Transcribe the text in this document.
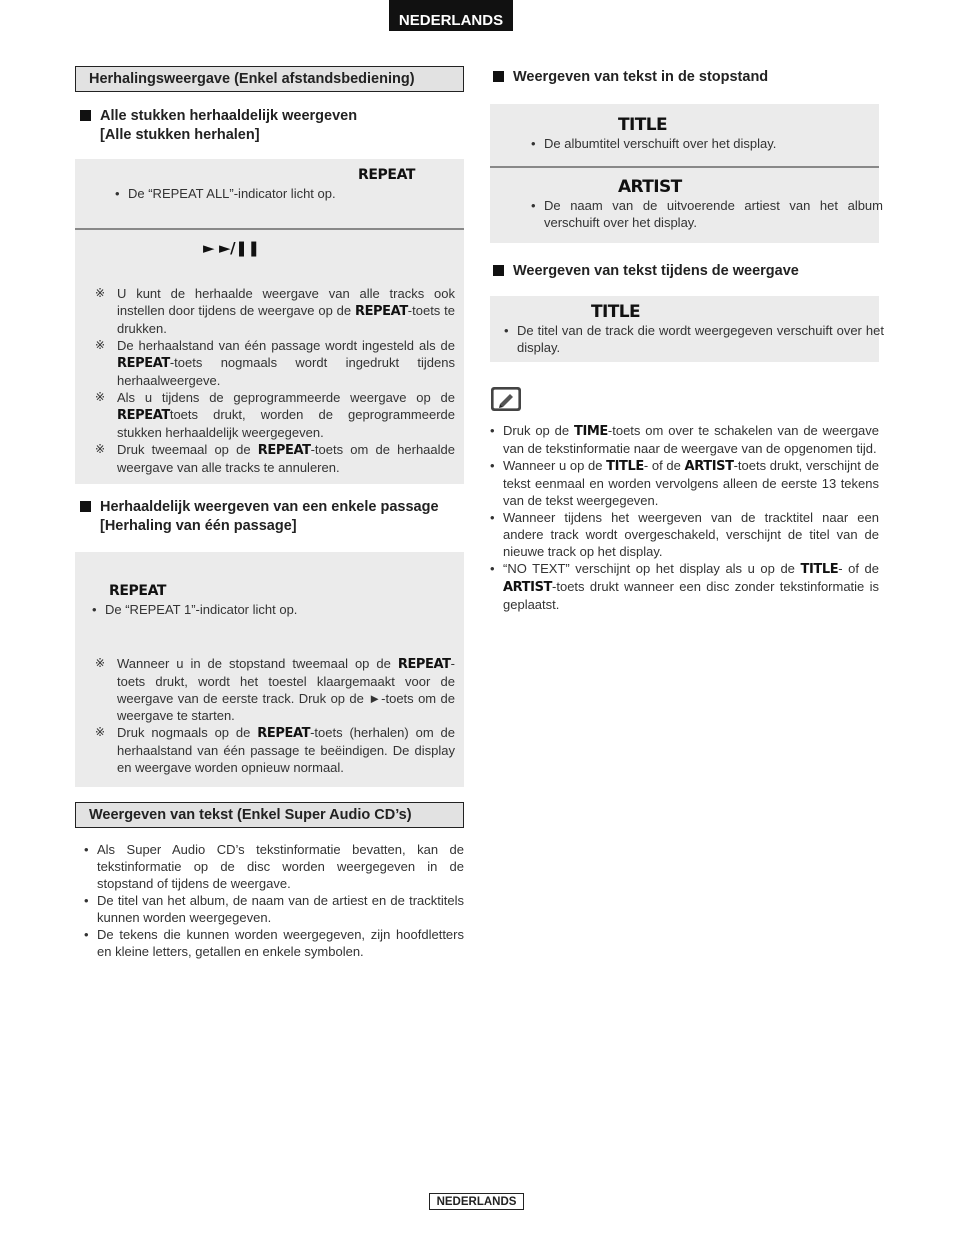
NEDERLANDS
Herhalingsweergave (Enkel afstandsbediening)
Alle stukken herhaaldelijk weergeven
[Alle stukken herhalen]
REPEAT
• De “REPEAT ALL”-indicator licht op.
► ►/❚❚
※ U kunt de herhaalde weergave van alle tracks ook instellen door tijdens de weergave op de REPEAT-toets te drukken.
※ De herhaalstand van één passage wordt ingesteld als de REPEAT-toets nogmaals wordt ingedrukt tijdens herhaalweergeve.
※ Als u tijdens de geprogrammeerde weergave op de REPEATtoets drukt, worden de geprogrammeerde stukken herhaaldelijk weergegeven.
※ Druk tweemaal op de REPEAT-toets om de herhaalde weergave van alle tracks te annuleren.
Herhaaldelijk weergeven van een enkele passage
[Herhaling van één passage]
REPEAT
• De “REPEAT 1”-indicator licht op.
※ Wanneer u in de stopstand tweemaal op de REPEAT-toets drukt, wordt het toestel klaargemaakt voor de weergave van de eerste track. Druk op de ►-toets om de weergave te starten.
※ Druk nogmaals op de REPEAT-toets (herhalen) om de herhaalstand van één passage te beëindigen. De display en weergave worden opnieuw normaal.
Weergeven van tekst (Enkel Super Audio CD’s)
• Als Super Audio CD’s tekstinformatie bevatten, kan de tekstinformatie op de disc worden weergegeven in de stopstand of tijdens de weergave.
• De titel van het album, de naam van de artiest en de tracktitels kunnen worden weergegeven.
• De tekens die kunnen worden weergegeven, zijn hoofdletters en kleine letters, getallen en enkele symbolen.
Weergeven van tekst in de stopstand
TITLE
• De albumtitel verschuift over het display.
ARTIST
• De naam van de uitvoerende artiest van het album verschuift over het display.
Weergeven van tekst tijdens de weergave
TITLE
• De titel van de track die wordt weergegeven verschuift over het display.
• Druk op de TIME-toets om over te schakelen van de weergave van de tekstinformatie naar de weergave van de opgenomen tijd.
• Wanneer u op de TITLE- of de ARTIST-toets drukt, verschijnt de tekst eenmaal en worden vervolgens alleen de eerste 13 tekens van de tekst weergegeven.
• Wanneer tijdens het weergeven van de tracktitel naar een andere track wordt overgeschakeld, verschijnt de titel van de nieuwe track op het display.
• “NO TEXT” verschijnt op het display als u op de TITLE- of de ARTIST-toets drukt wanneer een disc zonder tekstinformatie is geplaatst.
NEDERLANDS
